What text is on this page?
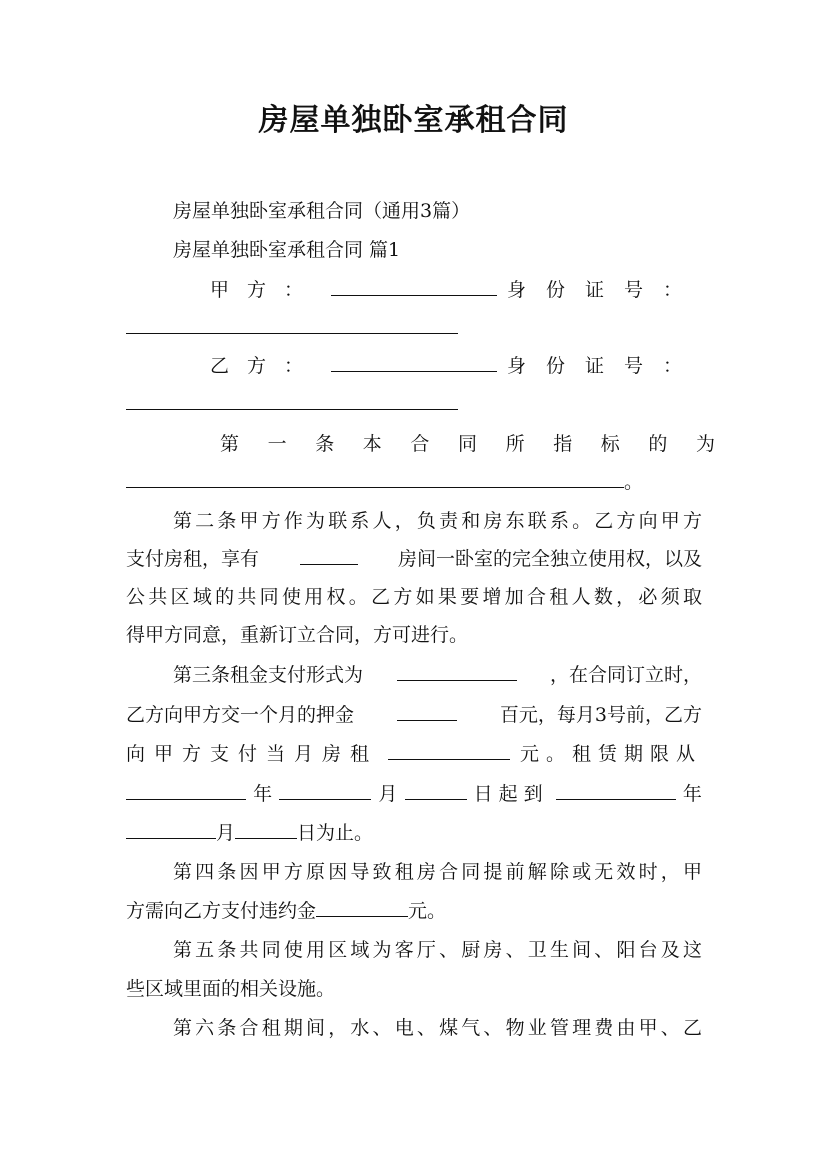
房屋单独卧室承租合同
房屋单独卧室承租合同（通用3篇）
房屋单独卧室承租合同 篇1
甲方：	身份证号：
乙方：	身份证号：
第一条本合同所指标的为
。
第二条甲方作为联系人，负责和房东联系。乙方向甲方
支付房租，享有	房间一卧室的完全独立使用权，以及
公共区域的共同使用权。乙方如果要增加合租人数，必须取
得甲方同意，重新订立合同，方可进行。
第三条租金支付形式为	，在合同订立时，
乙方向甲方交一个月的押金	百元，每月3号前，乙方
向甲方支付当月房租	元。租赁期限从
年	月	日起到	年
月	日为止。
第四条因甲方原因导致租房合同提前解除或无效时，甲
方需向乙方支付违约金	元。
第五条共同使用区域为客厅、厨房、卫生间、阳台及这
些区域里面的相关设施。
第六条合租期间，水、电、煤气、物业管理费由甲、乙
